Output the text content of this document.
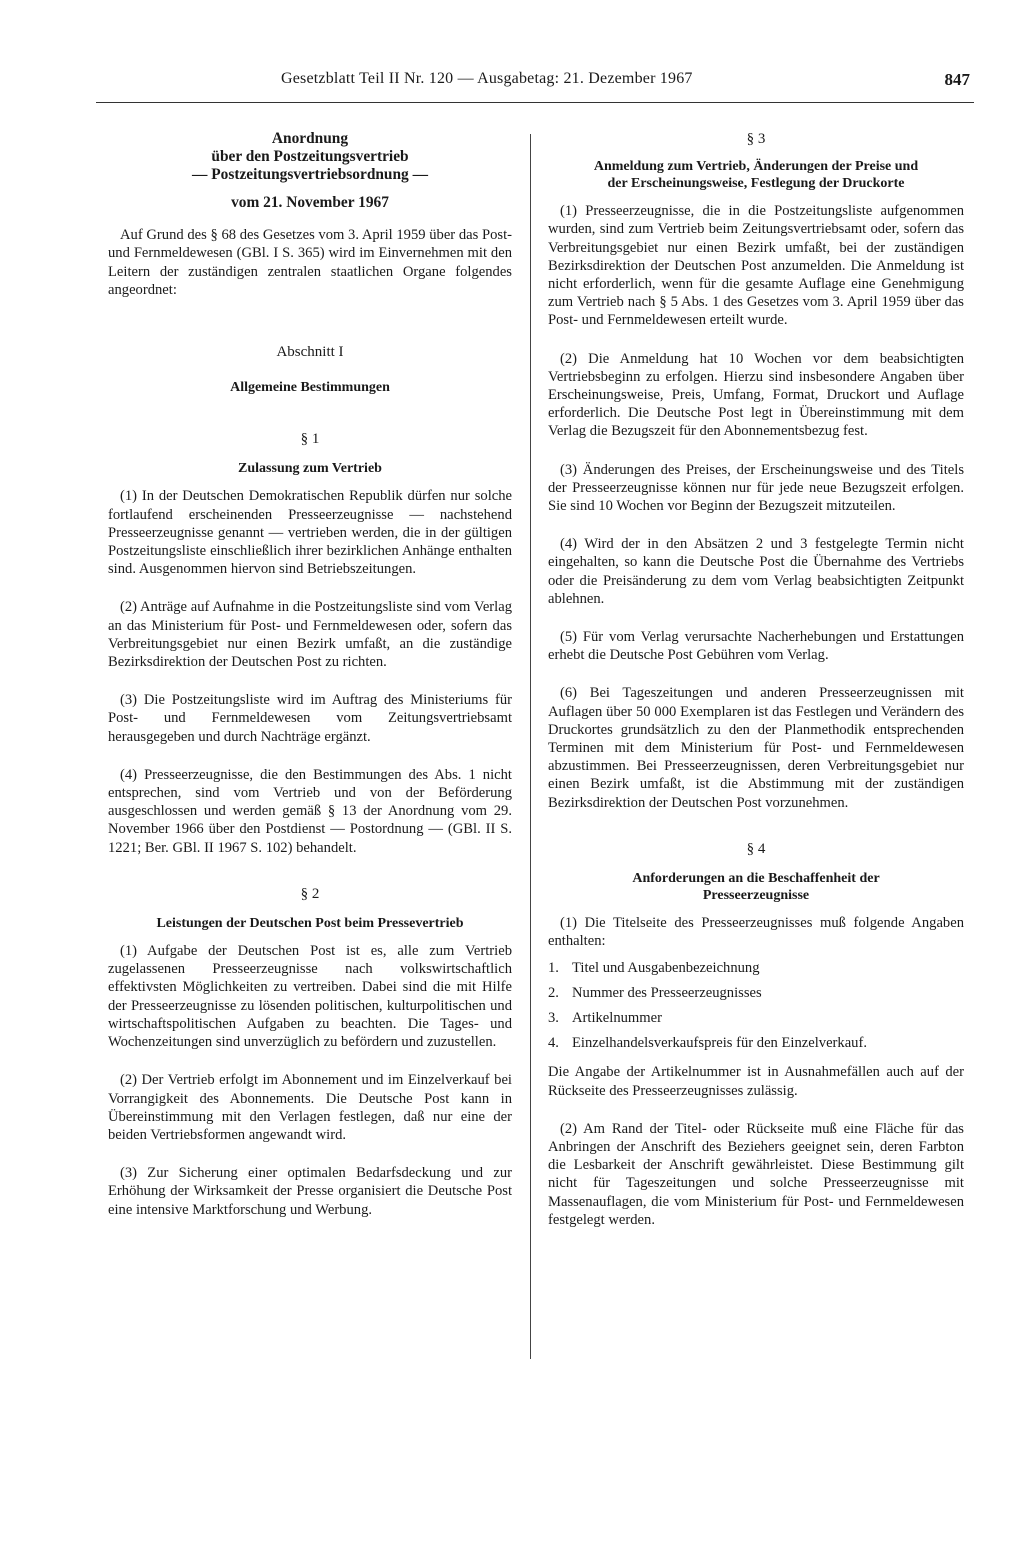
Gesetzblatt Teil II Nr. 120 — Ausgabetag: 21. Dezember 1967	847
Anordnung
über den Postzeitungsvertrieb
— Postzeitungsvertriebsordnung —
vom 21. November 1967

Auf Grund des § 68 des Gesetzes vom 3. April 1959 über das Post- und Fernmeldewesen (GBl. I S. 365) wird im Einvernehmen mit den Leitern der zuständigen zentralen staatlichen Organe folgendes angeordnet:

Abschnitt I
Allgemeine Bestimmungen
§ 1
Zulassung zum Vertrieb

(1) In der Deutschen Demokratischen Republik dürfen nur solche fortlaufend erscheinenden Presseerzeugnisse — nachstehend Presseerzeugnisse genannt — vertrieben werden, die in der gültigen Postzeitungsliste einschließlich ihrer bezirklichen Anhänge enthalten sind. Ausgenommen hiervon sind Betriebszeitungen.

(2) Anträge auf Aufnahme in die Postzeitungsliste sind vom Verlag an das Ministerium für Post- und Fernmeldewesen oder, sofern das Verbreitungsgebiet nur einen Bezirk umfaßt, an die zuständige Bezirksdirektion der Deutschen Post zu richten.

(3) Die Postzeitungsliste wird im Auftrag des Ministeriums für Post- und Fernmeldewesen vom Zeitungsvertriebsamt herausgegeben und durch Nachträge ergänzt.

(4) Presseerzeugnisse, die den Bestimmungen des Abs. 1 nicht entsprechen, sind vom Vertrieb und von der Beförderung ausgeschlossen und werden gemäß § 13 der Anordnung vom 29. November 1966 über den Postdienst — Postordnung — (GBl. II S. 1221; Ber. GBl. II 1967 S. 102) behandelt.

§ 2
Leistungen der Deutschen Post beim Pressevertrieb

(1) Aufgabe der Deutschen Post ist es, alle zum Vertrieb zugelassenen Presseerzeugnisse nach volkswirtschaftlich effektivsten Möglichkeiten zu vertreiben. Dabei sind die mit Hilfe der Presseerzeugnisse zu lösenden politischen, kulturpolitischen und wirtschaftspolitischen Aufgaben zu beachten. Die Tages- und Wochenzeitungen sind unverzüglich zu befördern und zuzustellen.

(2) Der Vertrieb erfolgt im Abonnement und im Einzelverkauf bei Vorrangigkeit des Abonnements. Die Deutsche Post kann in Übereinstimmung mit den Verlagen festlegen, daß nur eine der beiden Vertriebsformen angewandt wird.

(3) Zur Sicherung einer optimalen Bedarfsdeckung und zur Erhöhung der Wirksamkeit der Presse organisiert die Deutsche Post eine intensive Marktforschung und Werbung.

§ 3
Anmeldung zum Vertrieb, Änderungen der Preise und
der Erscheinungsweise, Festlegung der Druckorte

(1) Presseerzeugnisse, die in die Postzeitungsliste aufgenommen wurden, sind zum Vertrieb beim Zeitungsvertriebsamt oder, sofern das Verbreitungsgebiet nur einen Bezirk umfaßt, bei der zuständigen Bezirksdirektion der Deutschen Post anzumelden. Die Anmeldung ist nicht erforderlich, wenn für die gesamte Auflage eine Genehmigung zum Vertrieb nach § 5 Abs. 1 des Gesetzes vom 3. April 1959 über das Post- und Fernmeldewesen erteilt wurde.

(2) Die Anmeldung hat 10 Wochen vor dem beabsichtigten Vertriebsbeginn zu erfolgen. Hierzu sind insbesondere Angaben über Erscheinungsweise, Preis, Umfang, Format, Druckort und Auflage erforderlich. Die Deutsche Post legt in Übereinstimmung mit dem Verlag die Bezugszeit für den Abonnementsbezug fest.

(3) Änderungen des Preises, der Erscheinungsweise und des Titels der Presseerzeugnisse können nur für jede neue Bezugszeit erfolgen. Sie sind 10 Wochen vor Beginn der Bezugszeit mitzuteilen.

(4) Wird der in den Absätzen 2 und 3 festgelegte Termin nicht eingehalten, so kann die Deutsche Post die Übernahme des Vertriebs oder die Preisänderung zu dem vom Verlag beabsichtigten Zeitpunkt ablehnen.

(5) Für vom Verlag verursachte Nacherhebungen und Erstattungen erhebt die Deutsche Post Gebühren vom Verlag.

(6) Bei Tageszeitungen und anderen Presseerzeugnissen mit Auflagen über 50 000 Exemplaren ist das Festlegen und Verändern des Druckortes grundsätzlich zu den der Planmethodik entsprechenden Terminen mit dem Ministerium für Post- und Fernmeldewesen abzustimmen. Bei Presseerzeugnissen, deren Verbreitungsgebiet nur einen Bezirk umfaßt, ist die Abstimmung mit der zuständigen Bezirksdirektion der Deutschen Post vorzunehmen.

§ 4
Anforderungen an die Beschaffenheit der
Presseerzeugnisse

(1) Die Titelseite des Presseerzeugnisses muß folgende Angaben enthalten:

1. Titel und Ausgabenbezeichnung
2. Nummer des Presseerzeugnisses
3. Artikelnummer
4. Einzelhandelsverkaufspreis für den Einzelverkauf.

Die Angabe der Artikelnummer ist in Ausnahmefällen auch auf der Rückseite des Presseerzeugnisses zulässig.

(2) Am Rand der Titel- oder Rückseite muß eine Fläche für das Anbringen der Anschrift des Beziehers geeignet sein, deren Farbton die Lesbarkeit der Anschrift gewährleistet. Diese Bestimmung gilt nicht für Tageszeitungen und solche Presseerzeugnisse mit Massenauflagen, die vom Ministerium für Post- und Fernmeldewesen festgelegt werden.
